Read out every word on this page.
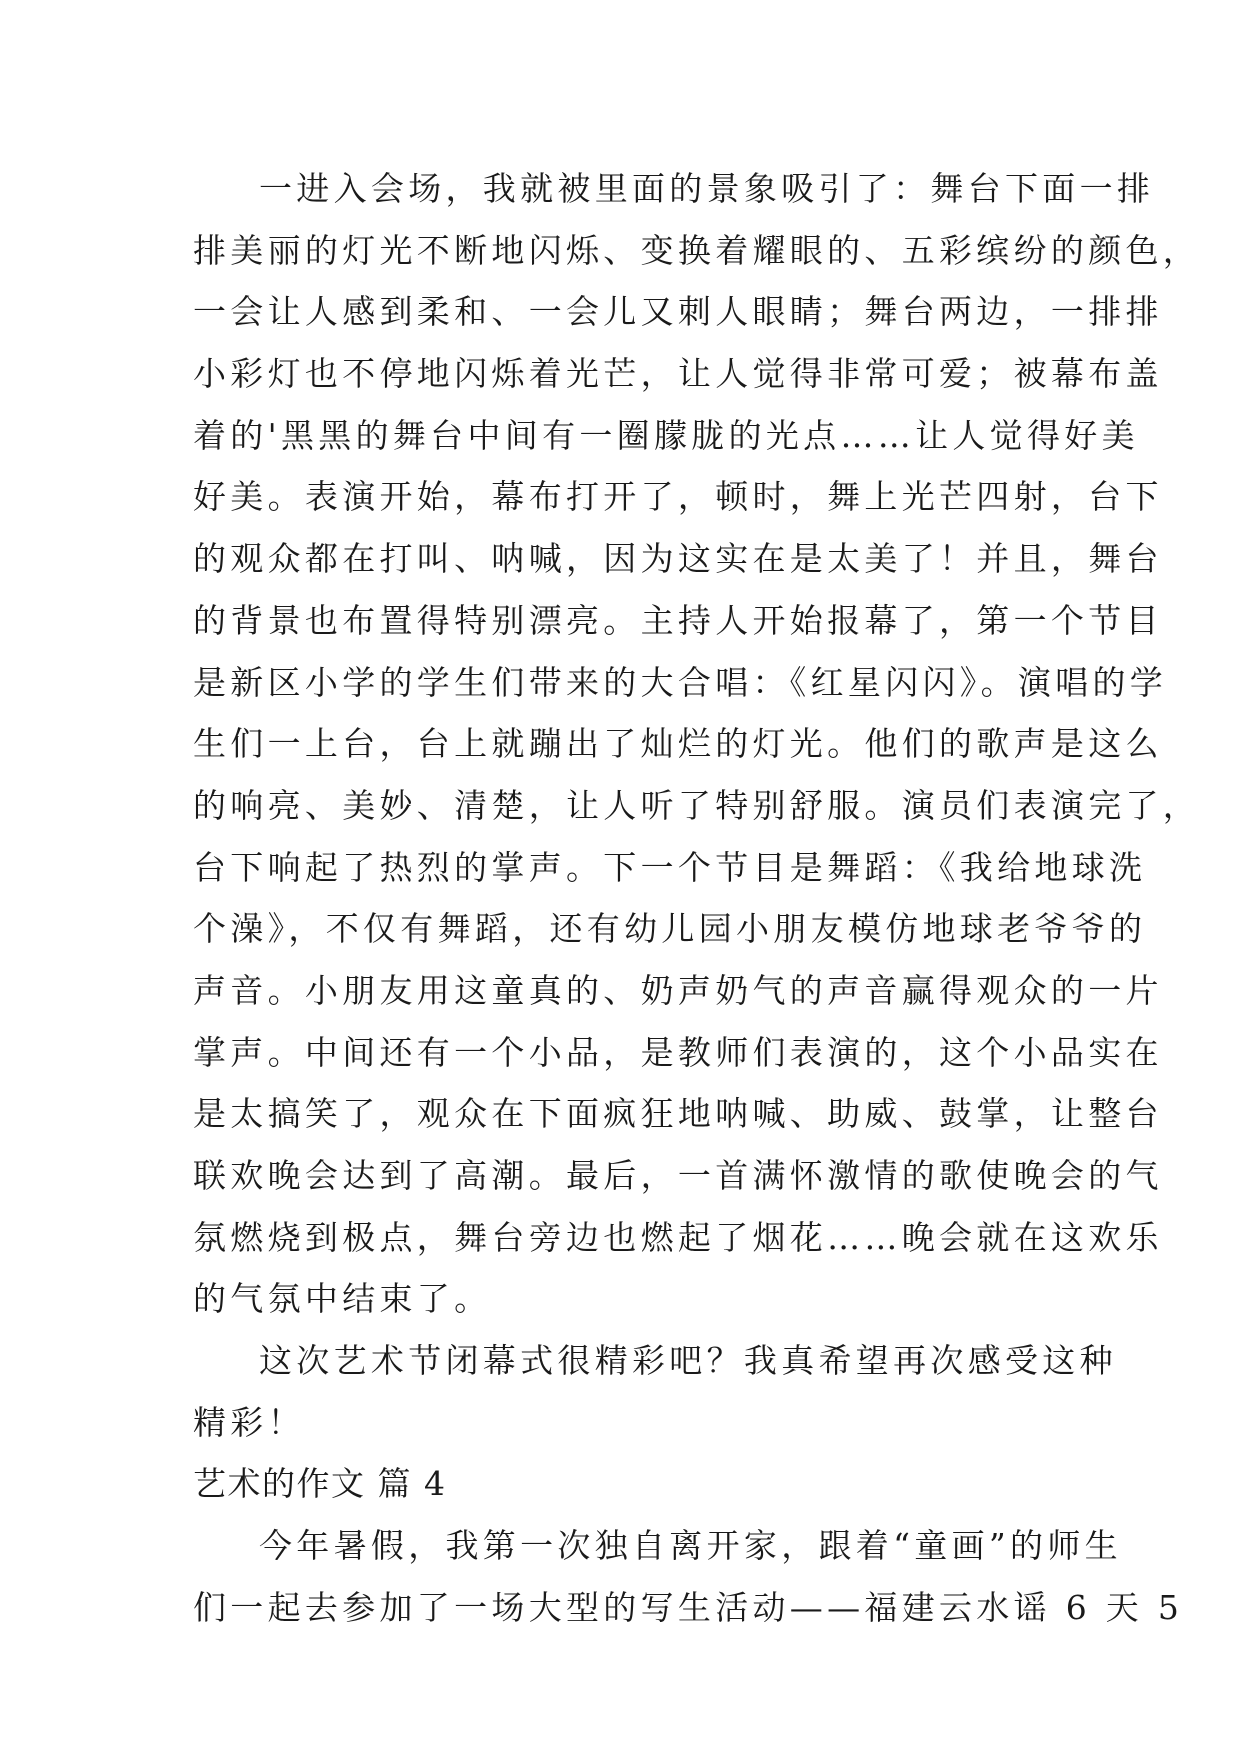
一进入会场，我就被里面的景象吸引了：舞台下面一排
排美丽的灯光不断地闪烁、变换着耀眼的、五彩缤纷的颜色，
一会让人感到柔和、一会儿又刺人眼睛；舞台两边，一排排
小彩灯也不停地闪烁着光芒，让人觉得非常可爱；被幕布盖
着的'黑黑的舞台中间有一圈朦胧的光点……让人觉得好美
好美。表演开始，幕布打开了，顿时，舞上光芒四射，台下
的观众都在打叫、呐喊，因为这实在是太美了！并且，舞台
的背景也布置得特别漂亮。主持人开始报幕了，第一个节目
是新区小学的学生们带来的大合唱：《红星闪闪》。演唱的学
生们一上台，台上就蹦出了灿烂的灯光。他们的歌声是这么
的响亮、美妙、清楚，让人听了特别舒服。演员们表演完了，
台下响起了热烈的掌声。下一个节目是舞蹈：《我给地球洗
个澡》，不仅有舞蹈，还有幼儿园小朋友模仿地球老爷爷的
声音。小朋友用这童真的、奶声奶气的声音赢得观众的一片
掌声。中间还有一个小品，是教师们表演的，这个小品实在
是太搞笑了，观众在下面疯狂地呐喊、助威、鼓掌，让整台
联欢晚会达到了高潮。最后，一首满怀激情的歌使晚会的气
氛燃烧到极点，舞台旁边也燃起了烟花……晚会就在这欢乐
的气氛中结束了。
这次艺术节闭幕式很精彩吧？我真希望再次感受这种
精彩！
艺术的作文 篇 4
今年暑假，我第一次独自离开家，跟着“童画”的师生
们一起去参加了一场大型的写生活动——福建云水谣 6 天 5
